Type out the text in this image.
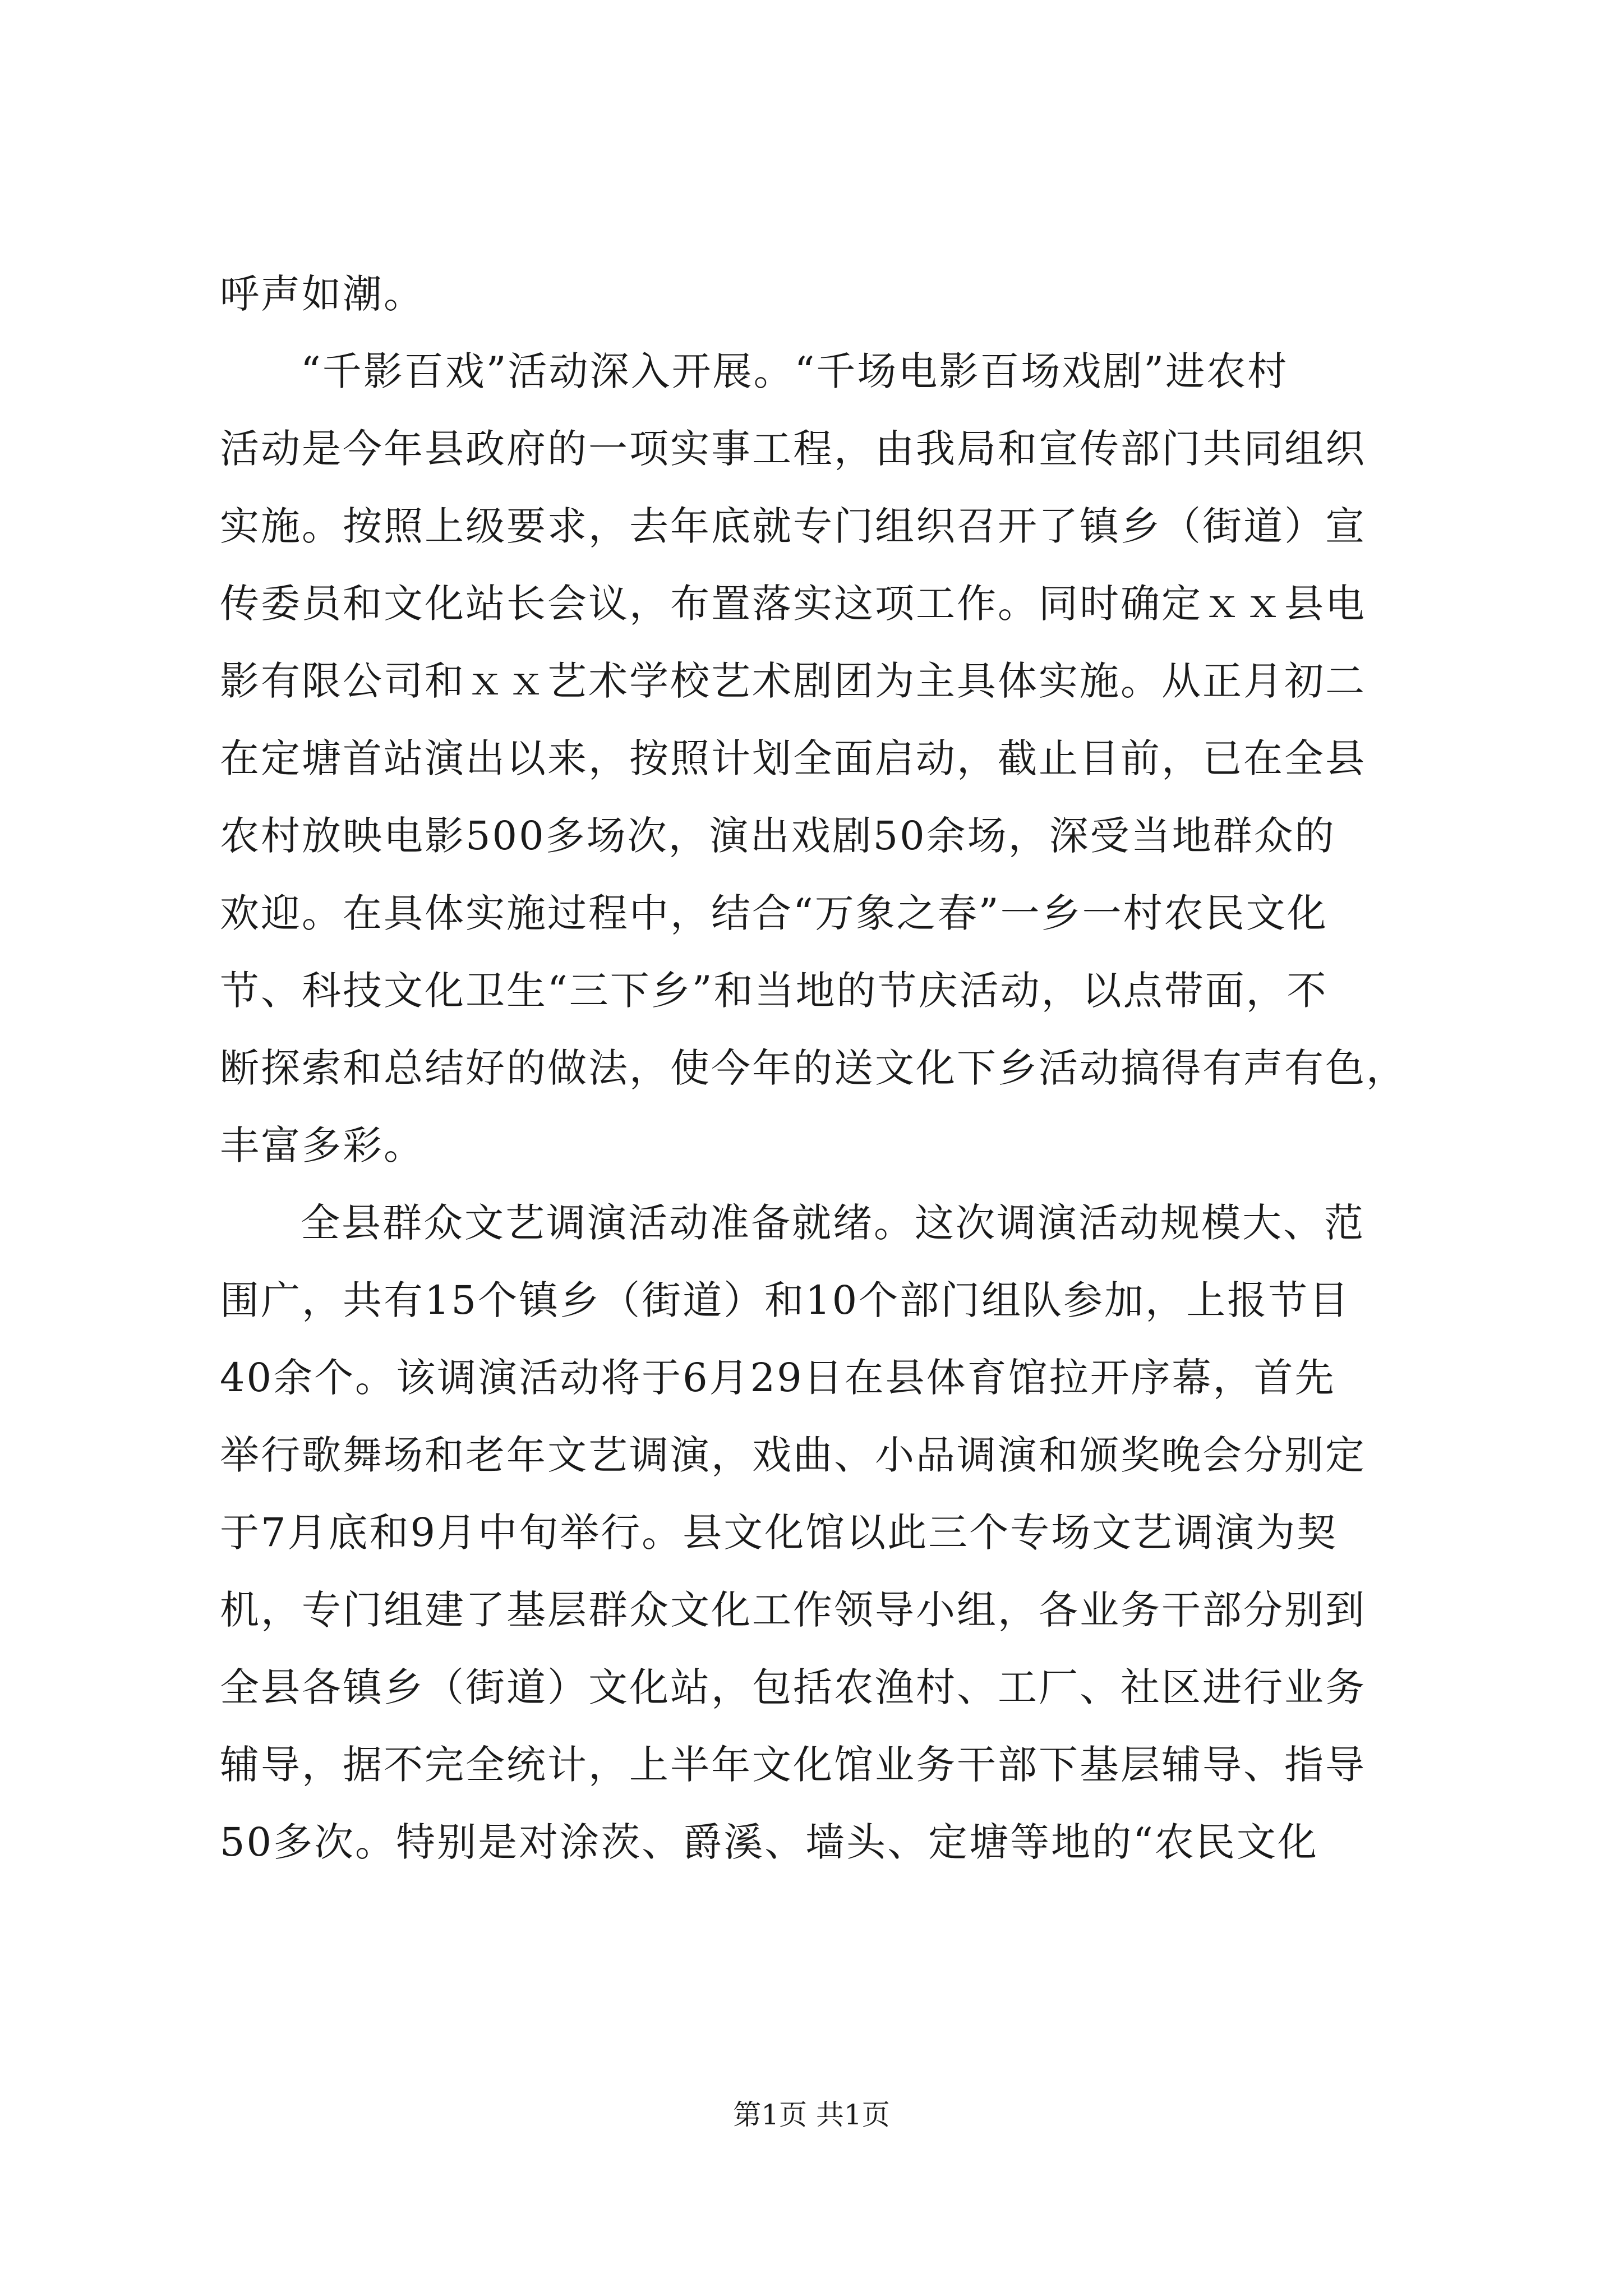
呼声如潮。
“千影百戏”活动深入开展。“千场电影百场戏剧”进农村
活动是今年县政府的一项实事工程，由我局和宣传部门共同组织
实施。按照上级要求，去年底就专门组织召开了镇乡（街道）宣
传委员和文化站长会议，布置落实这项工作。同时确定ｘｘ县电
影有限公司和ｘｘ艺术学校艺术剧团为主具体实施。从正月初二
在定塘首站演出以来，按照计划全面启动，截止目前，已在全县
农村放映电影500多场次，演出戏剧50余场，深受当地群众的
欢迎。在具体实施过程中，结合“万象之春”一乡一村农民文化
节、科技文化卫生“三下乡”和当地的节庆活动，以点带面，不
断探索和总结好的做法，使今年的送文化下乡活动搞得有声有色，
丰富多彩。
全县群众文艺调演活动准备就绪。这次调演活动规模大、范
围广，共有15个镇乡（街道）和10个部门组队参加，上报节目
40余个。该调演活动将于6月29日在县体育馆拉开序幕，首先
举行歌舞场和老年文艺调演，戏曲、小品调演和颁奖晚会分别定
于7月底和9月中旬举行。县文化馆以此三个专场文艺调演为契
机，专门组建了基层群众文化工作领导小组，各业务干部分别到
全县各镇乡（街道）文化站，包括农渔村、工厂、社区进行业务
辅导，据不完全统计，上半年文化馆业务干部下基层辅导、指导
50多次。特别是对涂茨、爵溪、墙头、定塘等地的“农民文化
第1页 共1页
